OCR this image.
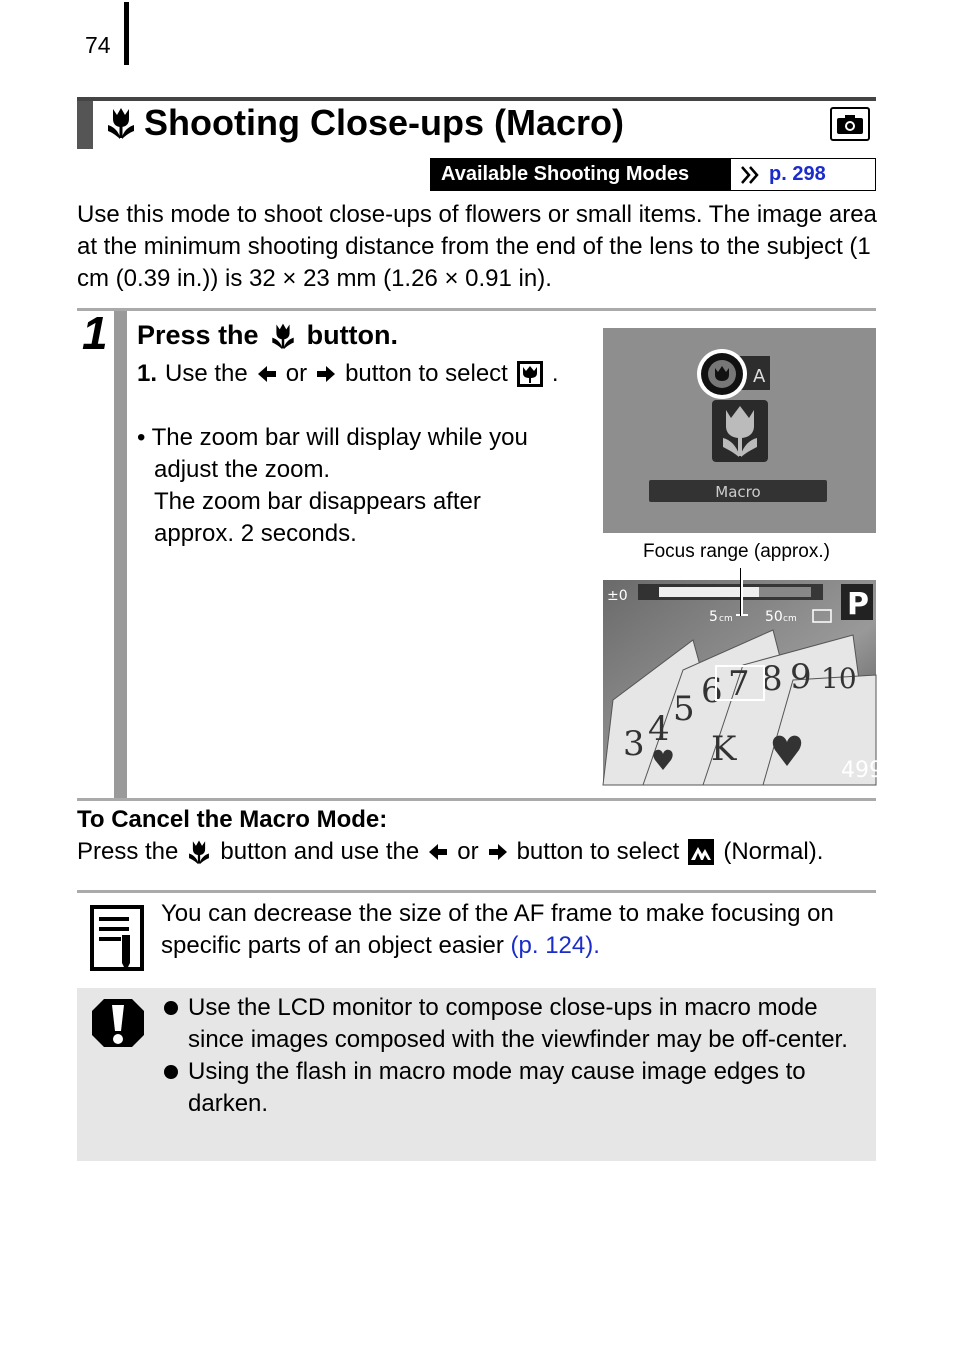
74
Shooting Close-ups (Macro)
Available Shooting Modes	p. 298
Use this mode to shoot close-ups of flowers or small items. The image area at the minimum shooting distance from the end of the lens to the subject (1 cm (0.39 in.)) is 32 × 23 mm (1.26 × 0.91 in).
1 Press the button.
1. Use the or button to select .
• The zoom bar will display while you
adjust the zoom.
The zoom bar disappears after
approx. 2 seconds.
A
Macro
Focus range (approx.)
3 4 5 6 7 8 9 10
K
±0
5 cm 50 cm P
499
To Cancel the Macro Mode:
Press the button and use the or button to select (Normal).
You can decrease the size of the AF frame to make focusing on specific parts of an object easier (p. 124).
Use the LCD monitor to compose close-ups in macro mode since images composed with the viewfinder may be off-center.
Using the flash in macro mode may cause image edges to darken.
